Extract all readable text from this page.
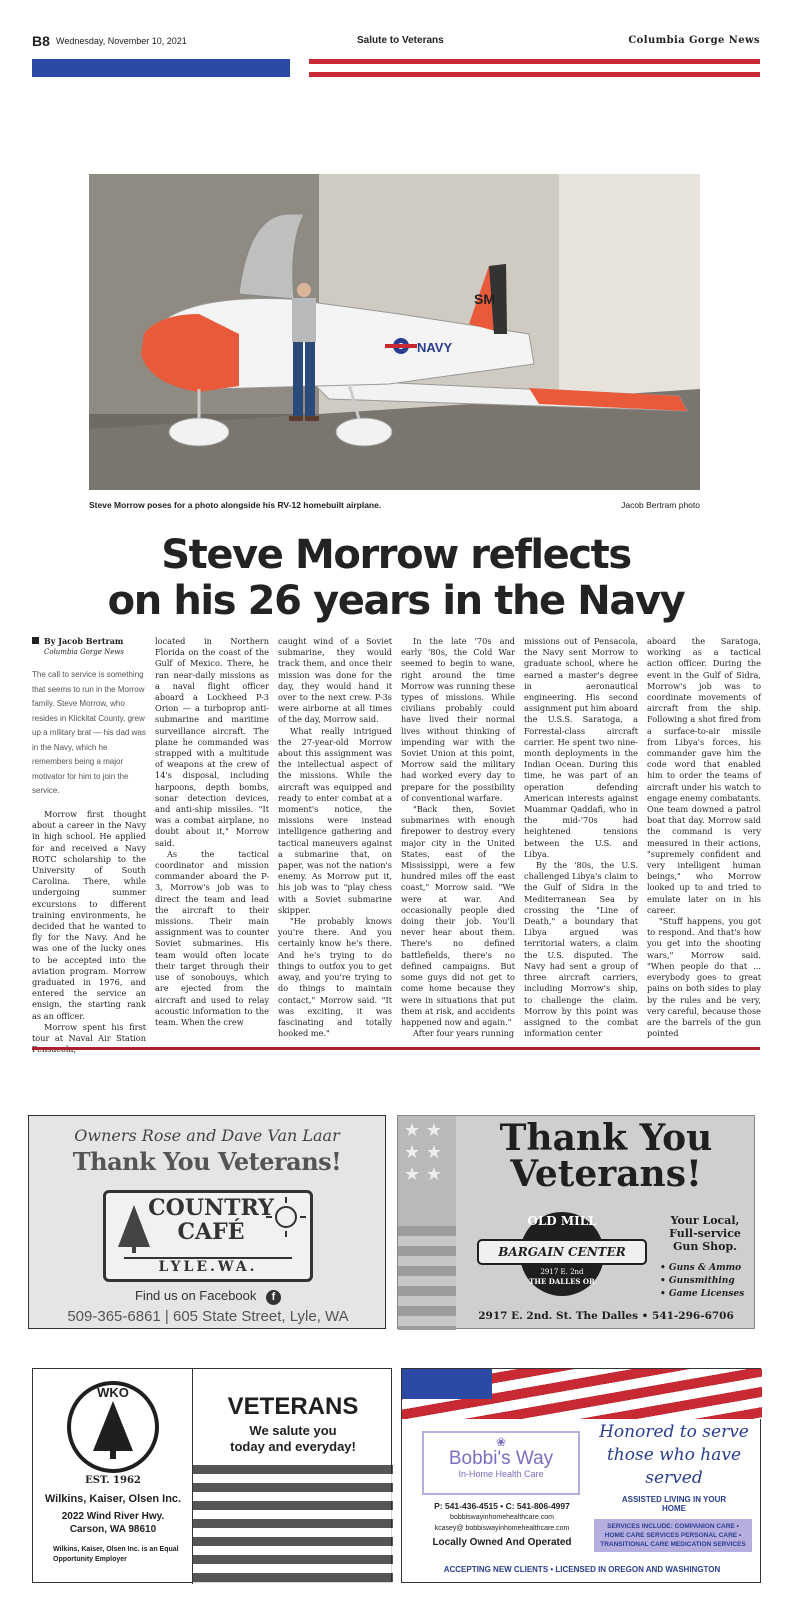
B8 Wednesday, November 10, 2021	Salute to Veterans	Columbia Gorge News
SM
NAVY
Steve Morrow poses for a photo alongside his RV-12 homebuilt airplane.	Jacob Bertram photo
Steve Morrow reflects
on his 26 years in the Navy
By Jacob Bertram
Columbia Gorge News
The call to service is something that seems to run in the Morrow family. Steve Morrow, who resides in Klickitat County, grew up a military brat — his dad was in the Navy, which he remembers being a major motivator for him to join the service.

Morrow first thought about a career in the Navy in high school. He applied for and received a Navy ROTC scholarship to the University of South Carolina. There, while undergoing summer excursions to different training environments, he decided that he wanted to fly for the Navy. And he was one of the lucky ones to be accepted into the aviation program. Morrow graduated in 1976, and entered the service an ensign, the starting rank as an officer.

Morrow spent his first tour at Naval Air Station

located in Northern Florida on the coast of the Gulf of Mexico. There, he ran near-daily missions as a naval flight officer aboard a Lockheed P-3 Orion — a turboprop anti-submarine and maritime surveillance aircraft. The plane he commanded was strapped with a multitude of weapons at the crew of 14's disposal, including harpoons, depth bombs, sonar detection devices, and anti-ship missiles. "It was a combat airplane, no doubt about it," Morrow said.

As the tactical coordinator and mission commander aboard the P-3, Morrow's job was to direct the team and lead the aircraft to their missions. Their main assignment was to counter Soviet submarines. His team would often locate their target through their use of sonobouys, which are ejected from the aircraft and used to relay acoustic information to the team. When the crew

caught wind of a Soviet submarine, they would track them, and once their mission was done for the day, they would hand it over to the next crew. P-3s were airborne at all times of the day, Morrow said.

What really intrigued the 27-year-old Morrow about this assignment was the intellectual aspect of the missions. While the aircraft was equipped and ready to enter combat at a moment's notice, the missions were instead intelligence gathering and tactical maneuvers against a submarine that, on paper, was not the nation's enemy. As Morrow put it, his job was to "play chess with a Soviet submarine skipper.

"He probably knows you're there. And you certainly know he's there. And he's trying to do things to outfox you to get away, and you're trying to do things to maintain contact," Morrow said. "It was exciting, it was fascinating and totally hooked me."

In the late '70s and early '80s, the Cold War seemed to begin to wane, right around the time Morrow was running these types of missions. While civilians probably could have lived their normal lives without thinking of impending war with the Soviet Union at this point, Morrow said the military had worked every day to prepare for the possibility of conventional warfare.

"Back then, Soviet submarines with enough firepower to destroy every major city in the United States, east of the Mississippi, were a few hundred miles off the east coast," Morrow said. "We were at war. And occasionally people died doing their job. You'll never hear about them. There's no defined battlefields, there's no defined campaigns. But some guys did not get to come home because they were in situations that put them at risk, and accidents happened now and again."

After four years running

missions out of Pensacola, the Navy sent Morrow to graduate school, where he earned a master's degree in aeronautical engineering. His second assignment put him aboard the U.S.S. Saratoga, a Forrestal-class aircraft carrier. He spent two nine-month deployments in the Indian Ocean. During this time, he was part of an operation defending American interests against Muammar Qaddafi, who in the mid-'70s had heightened tensions between the U.S. and Libya.

By the '80s, the U.S. challenged Libya's claim to the Gulf of Sidra in the Mediterranean Sea by crossing the "Line of Death," a boundary that Libya argued was territorial waters, a claim the U.S. disputed. The Navy had sent a group of three aircraft carriers, including Morrow's ship, to challenge the claim. Morrow by this point was assigned to the combat information center

aboard the Saratoga, working as a tactical action officer. During the event in the Gulf of Sidra, Morrow's job was to coordinate movements of aircraft from the ship. Following a shot fired from a surface-to-air missile from Libya's forces, his commander gave him the code word that enabled him to order the teams of aircraft under his watch to engage enemy combatants. One team downed a patrol boat that day. Morrow said the command is very measured in their actions, "supremely confident and very intelligent human beings," who Morrow looked up to and tried to emulate later on in his career.

"Stuff happens, you got to respond. And that's how you get into the shooting wars," Morrow said. "When people do that ... everybody goes to great pains on both sides to play by the rules and be very, very careful, because those are the barrels of the gun pointed

Owners Rose and Dave Van Laar
Thank You Veterans!
COUNTRY
CAFÉ
LYLE.WA.
Find us on Facebook f
509-365-6861 | 605 State Street, Lyle, WA
★ ★
★ ★
★ ★
Thank You
Veterans!
OLD MILL
BARGAIN CENTER
2917 E. 2nd
THE DALLES OR
Your Local, Full-service Gun Shop.
• Guns & Ammo
• Gunsmithing
• Game Licenses
2917 E. 2nd. St. The Dalles • 541-296-6706
WKO
EST. 1962
Wilkins, Kaiser, Olsen Inc.
2022 Wind River Hwy.
Carson, WA 98610
Wilkins, Kaiser, Olsen Inc. is an Equal Opportunity Employer
VETERANS
We salute you
today and everyday!	❀
Bobbi's Way
In-Home Health Care
P: 541-436-4515 • C: 541-806-4997
bobbiswayinhomehealthcare.com
kcasey@ bobbiswayinhomehealthcare.com
Locally Owned And Operated
Honored to serve those who have served
ASSISTED LIVING IN YOUR HOME
SERVICES INCLUDE: COMPANION CARE • HOME CARE SERVICES PERSONAL CARE • TRANSITIONAL CARE MEDICATION SERVICES
ACCEPTING NEW CLIENTS • LICENSED IN OREGON AND WASHINGTON
